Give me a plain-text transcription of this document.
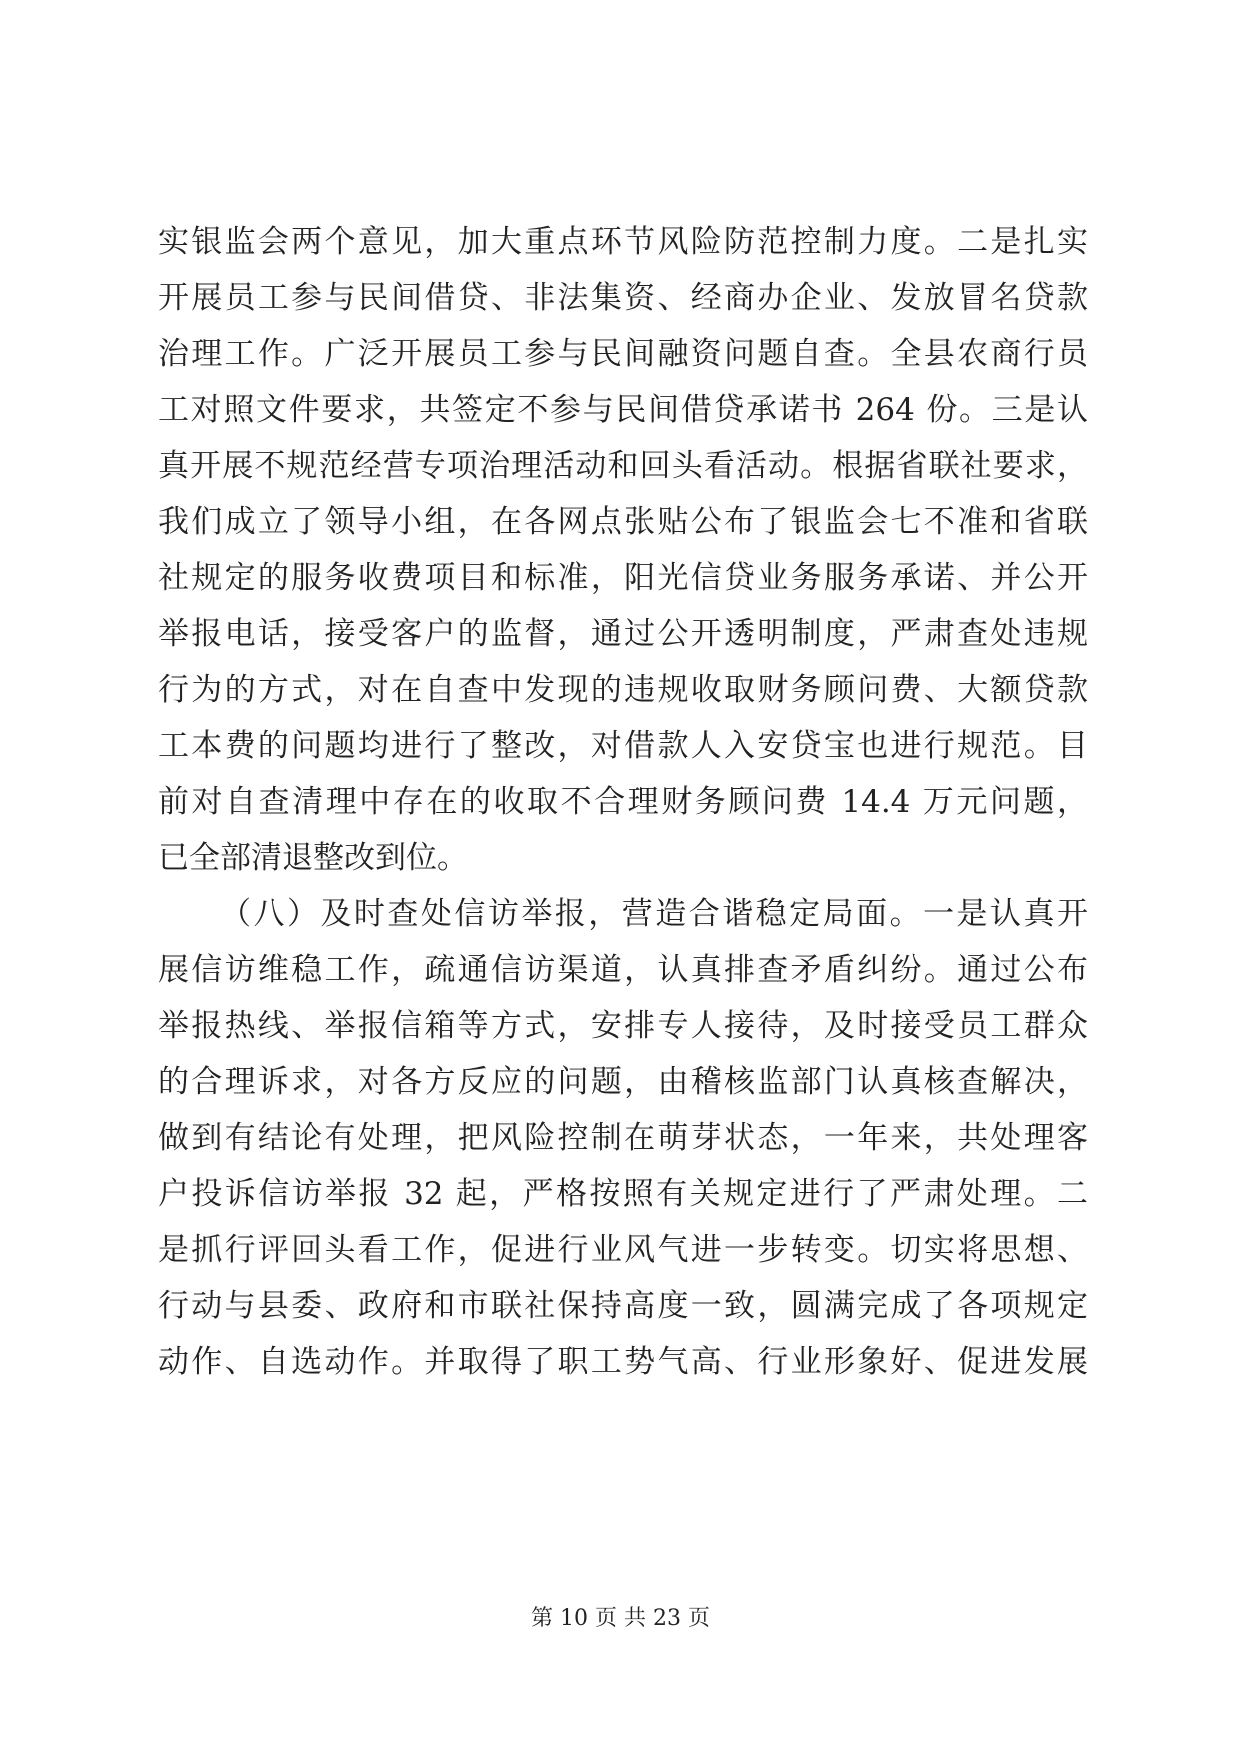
实银监会两个意见，加大重点环节风险防范控制力度。二是扎实
开展员工参与民间借贷、非法集资、经商办企业、发放冒名贷款
治理工作。广泛开展员工参与民间融资问题自查。全县农商行员
工对照文件要求，共签定不参与民间借贷承诺书 264 份。三是认
真开展不规范经营专项治理活动和回头看活动。根据省联社要求，
我们成立了领导小组，在各网点张贴公布了银监会七不准和省联
社规定的服务收费项目和标准，阳光信贷业务服务承诺、并公开
举报电话，接受客户的监督，通过公开透明制度，严肃查处违规
行为的方式，对在自查中发现的违规收取财务顾问费、大额贷款
工本费的问题均进行了整改，对借款人入安贷宝也进行规范。目
前对自查清理中存在的收取不合理财务顾问费 14.4 万元问题，
已全部清退整改到位。
（八）及时查处信访举报，营造合谐稳定局面。一是认真开
展信访维稳工作，疏通信访渠道，认真排查矛盾纠纷。通过公布
举报热线、举报信箱等方式，安排专人接待，及时接受员工群众
的合理诉求，对各方反应的问题，由稽核监部门认真核查解决，
做到有结论有处理，把风险控制在萌芽状态，一年来，共处理客
户投诉信访举报 32 起，严格按照有关规定进行了严肃处理。二
是抓行评回头看工作，促进行业风气进一步转变。切实将思想、
行动与县委、政府和市联社保持高度一致，圆满完成了各项规定
动作、自选动作。并取得了职工势气高、行业形象好、促进发展
第 10 页 共 23 页
